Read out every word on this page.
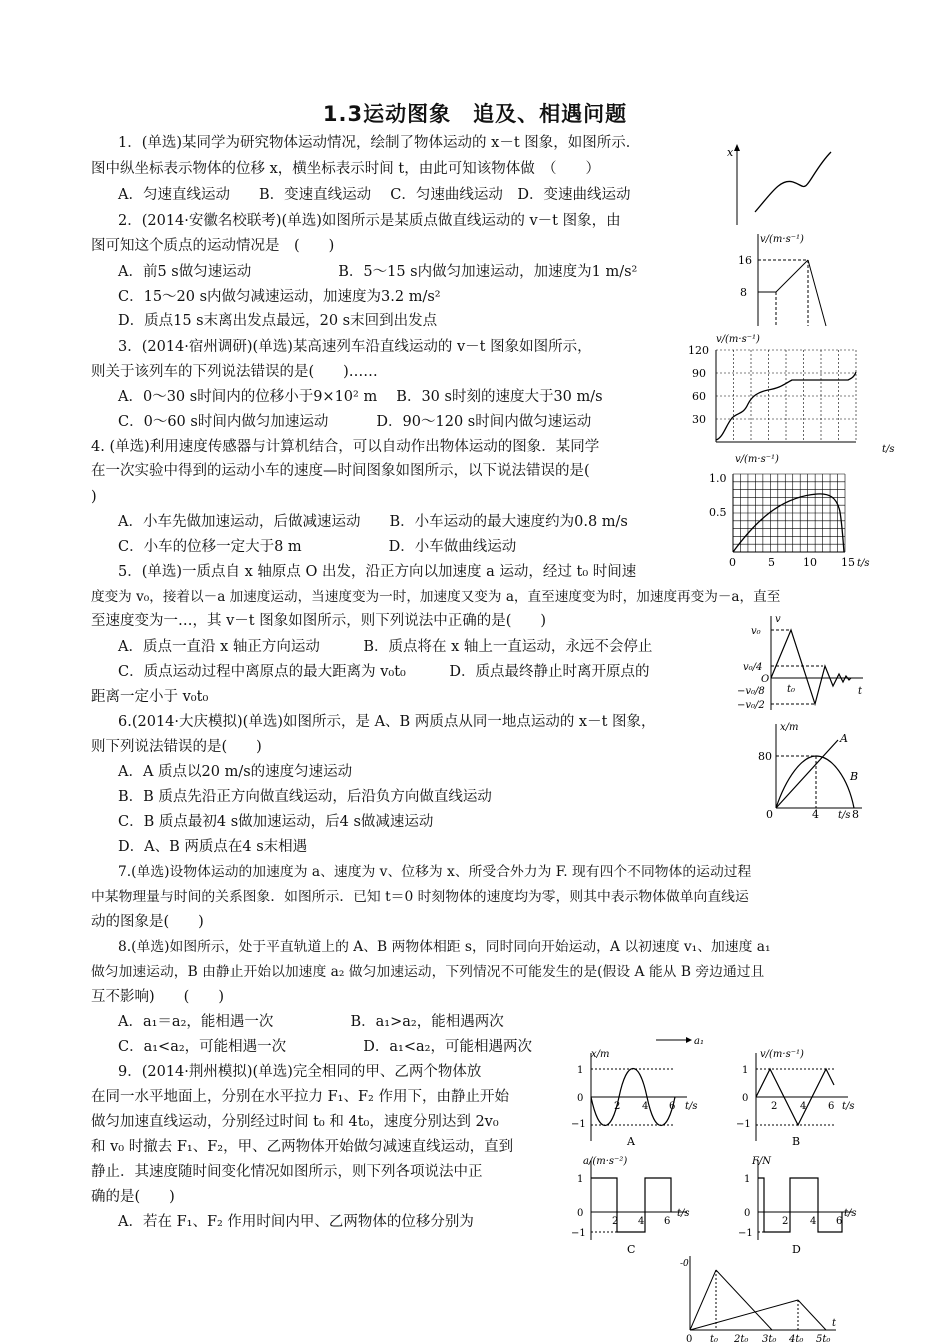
1.3运动图象　追及、相遇问题
1．(单选)某同学为研究物体运动情况，绘制了物体运动的 x－t 图象，如图所示．
图中纵坐标表示物体的位移 x，横坐标表示时间 t，由此可知该物体做　（　　）
A．匀速直线运动　　B．变速直线运动　 C．匀速曲线运动　D．变速曲线运动
2．(2014·安徽名校联考)(单选)如图所示是某质点做直线运动的 v－t 图象，由
图可知这个质点的运动情况是　(　　)
A．前5 s做匀速运动　　　　　　B．5～15 s内做匀加速运动，加速度为1 m/s²
C．15～20 s内做匀减速运动，加速度为3.2 m/s²
D．质点15 s末离出发点最远，20 s末回到出发点
3．(2014·宿州调研)(单选)某高速列车沿直线运动的 v－t 图象如图所示，
则关于该列车的下列说法错误的是(　　)……
A．0～30 s时间内的位移小于9×10² m　 B．30 s时刻的速度大于30 m/s
C．0～60 s时间内做匀加速运动　　　 D．90～120 s时间内做匀速运动
4. (单选)利用速度传感器与计算机结合，可以自动作出物体运动的图象．某同学
在一次实验中得到的运动小车的速度—时间图象如图所示，以下说法错误的是(
)
A．小车先做加速运动，后做减速运动　　B．小车运动的最大速度约为0.8 m/s
C．小车的位移一定大于8 m　　　　　　D．小车做曲线运动
5．(单选)一质点自 x 轴原点 O 出发，沿正方向以加速度 a 运动，经过 t₀ 时间速
度变为 v₀，接着以－a 加速度运动，当速度变为一时，加速度又变为 a，直至速度变为时，加速度再变为－a，直至
至速度变为一…，其 v－t 图象如图所示，则下列说法中正确的是(　　)
A．质点一直沿 x 轴正方向运动　　　B．质点将在 x 轴上一直运动，永远不会停止
C．质点运动过程中离原点的最大距离为 v₀t₀　　　D．质点最终静止时离开原点的
距离一定小于 v₀t₀
6.(2014·大庆模拟)(单选)如图所示，是 A、B 两质点从同一地点运动的 x－t 图象，
则下列说法错误的是(　　)
A．A 质点以20 m/s的速度匀速运动
B．B 质点先沿正方向做直线运动，后沿负方向做直线运动
C．B 质点最初4 s做加速运动，后4 s做减速运动
D．A、B 两质点在4 s末相遇
7.(单选)设物体运动的加速度为 a、速度为 v、位移为 x、所受合外力为 F. 现有四个不同物体的运动过程
中某物理量与时间的关系图象．如图所示．已知 t＝0 时刻物体的速度均为零，则其中表示物体做单向直线运
动的图象是(　　)
8.(单选)如图所示，处于平直轨道上的 A、B 两物体相距 s，同时同向开始运动，A 以初速度 v₁、加速度 a₁
做匀加速运动，B 由静止开始以加速度 a₂ 做匀加速运动，下列情况不可能发生的是(假设 A 能从 B 旁边通过且
互不影响)　　(　　)
A．a₁＝a₂，能相遇一次　　　　　 B．a₁>a₂，能相遇两次
C．a₁<a₂，可能相遇一次　　　　　 D．a₁<a₂，可能相遇两次
9．(2014·荆州模拟)(单选)完全相同的甲、乙两个物体放
在同一水平地面上，分别在水平拉力 F₁、F₂ 作用下，由静止开始
做匀加速直线运动，分别经过时间 t₀ 和 4t₀，速度分别达到 2v₀
和 v₀ 时撤去 F₁、F₂，甲、乙两物体开始做匀减速直线运动，直到
静止．其速度随时间变化情况如图所示，则下列各项说法中正
确的是(　　)
A．若在 F₁、F₂ 作用时间内甲、乙两物体的位移分别为
x
v/(m·s⁻¹)
16
8
v/(m·s⁻¹)
120
90
60
30
t/s
v/(m·s⁻¹)
1.0
0.5
0	5	10 15 t/s
v
v₀
v₀/4
O
−v₀/8
−v₀/2
t₀	t
x/m
80
0	4	8
t/s
A
B
a₁
x/m
1
0
−1
2 4 6 t/s
A
v/(m·s⁻¹)
1
0
−1
2 4 6 t/s
B
a/(m·s⁻²)
1
0
−1
2 4 6
t/s
C
F/N
1
0
−1
2 4 6
t/s
D
-0
0 t₀ 2t₀ 3t₀ 4t₀ 5t₀
t
